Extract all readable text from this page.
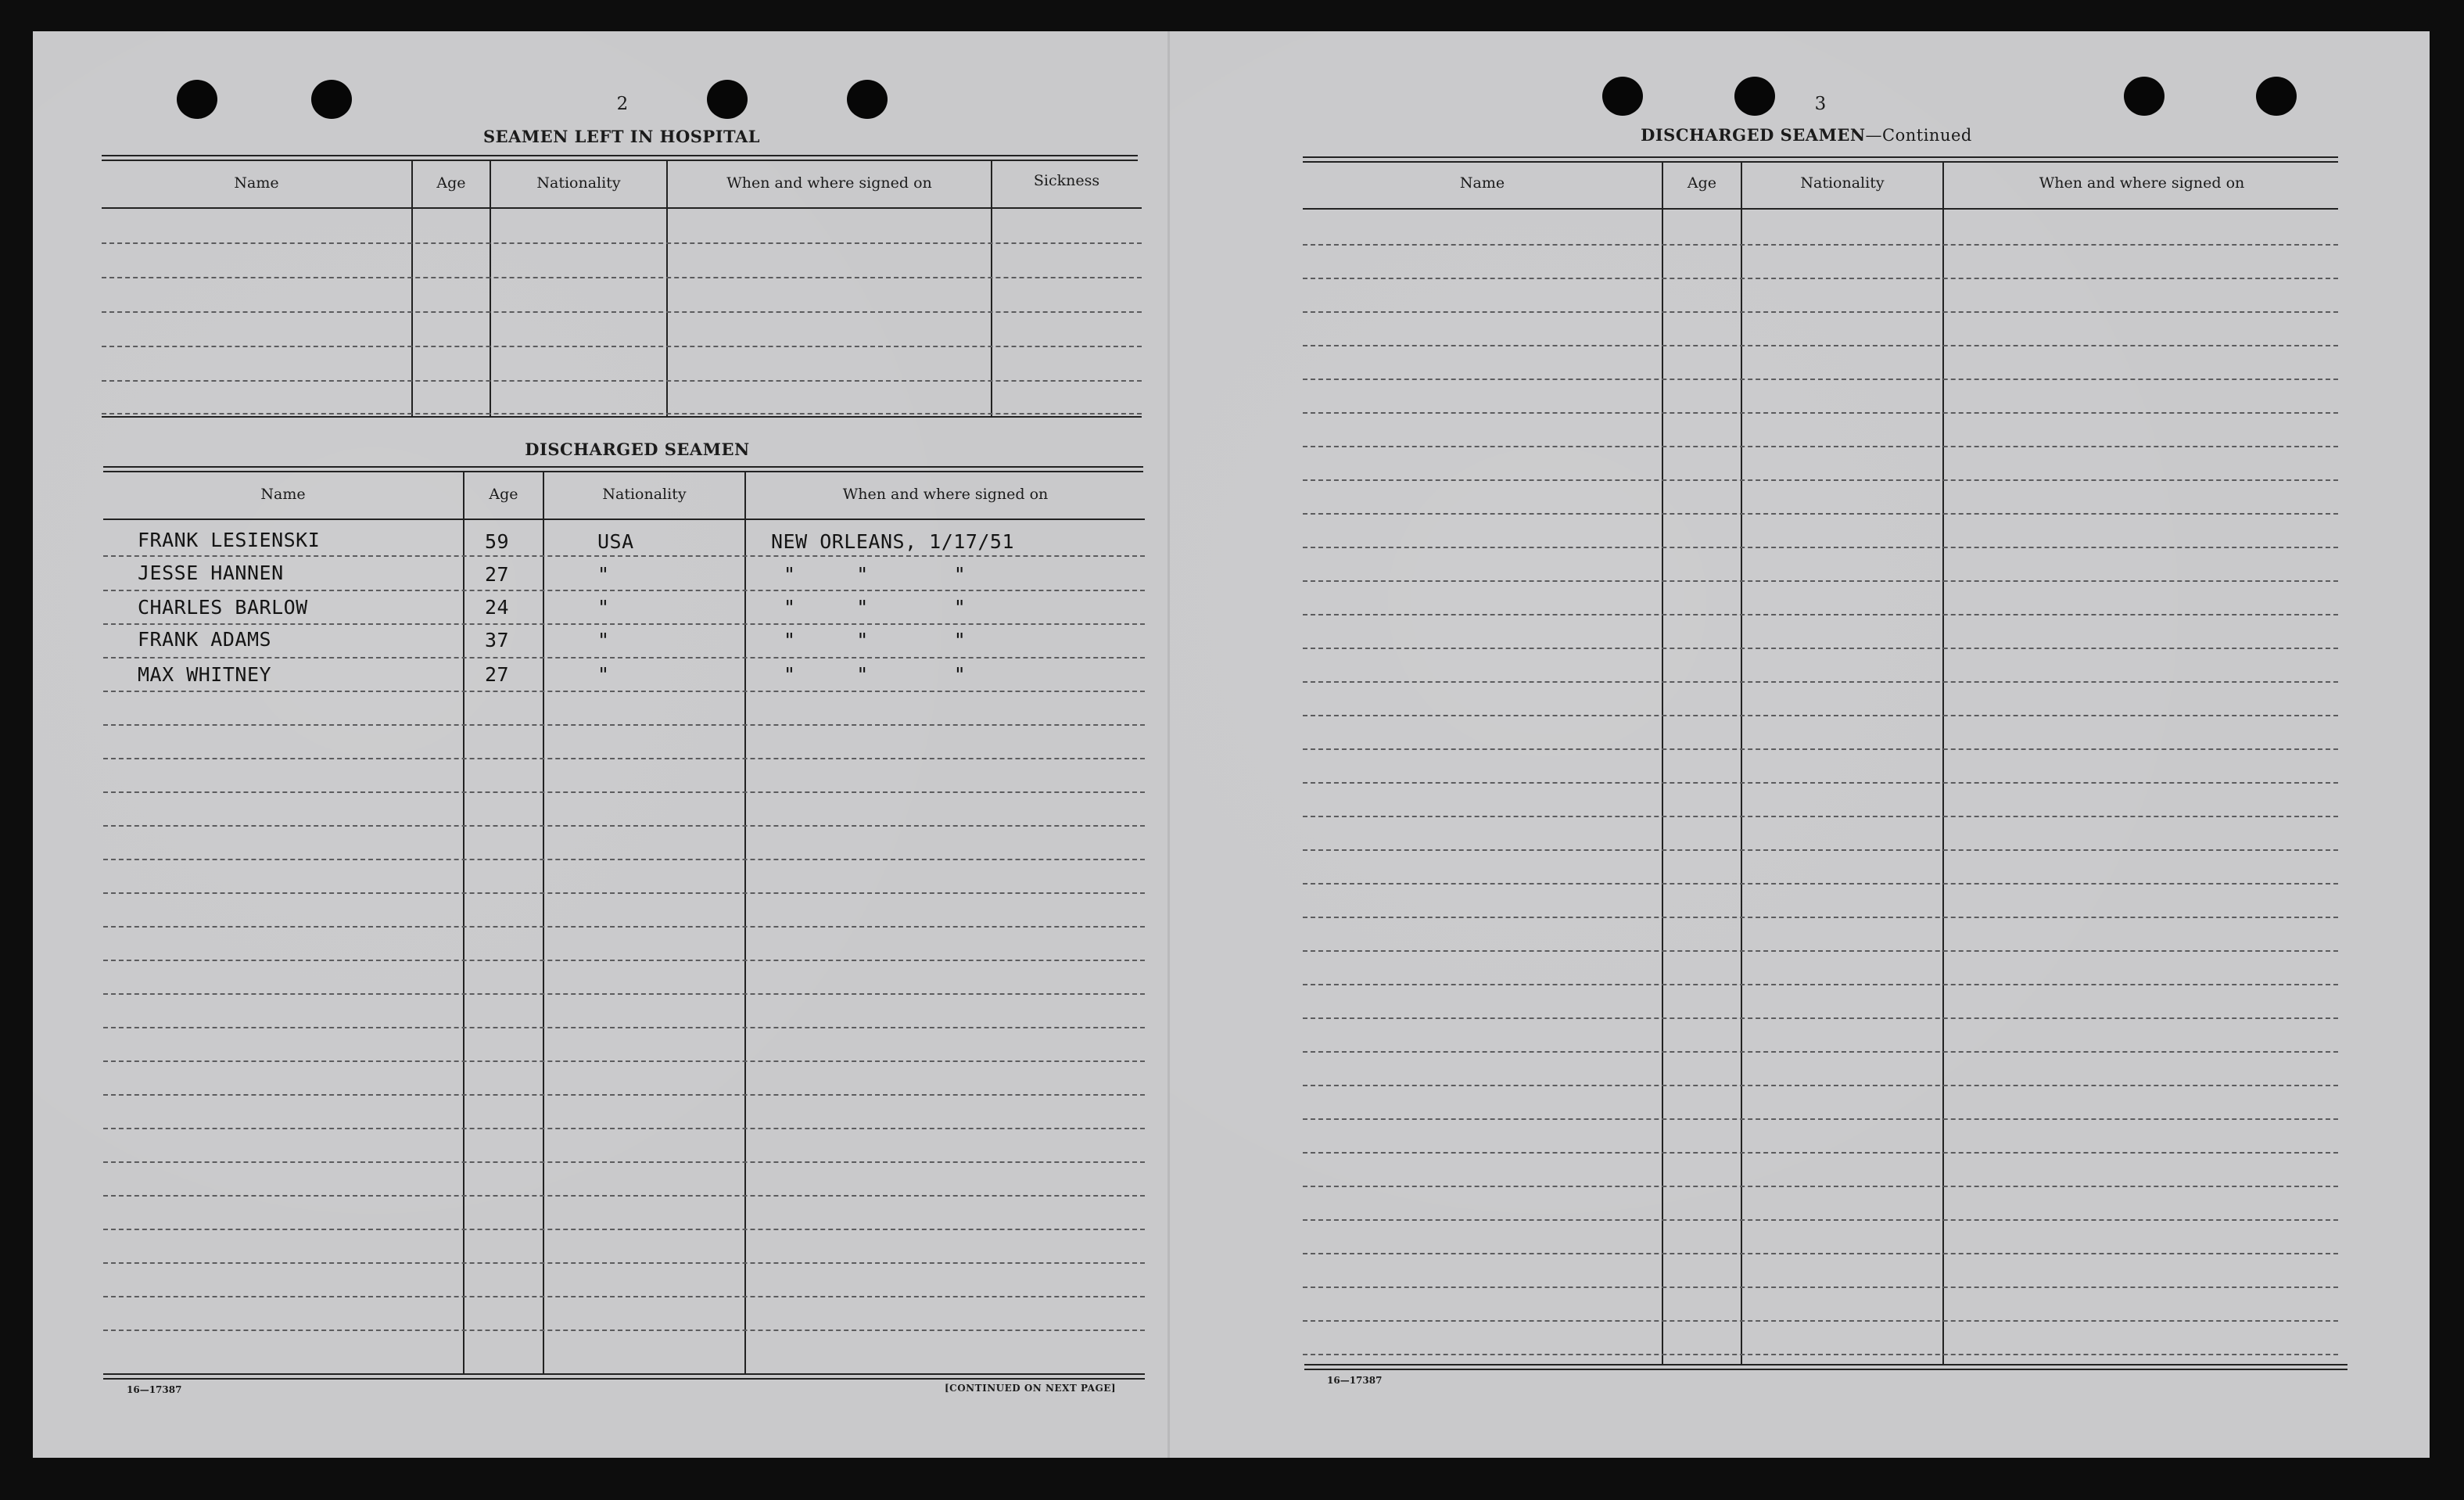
2
SEAMEN LEFT IN HOSPITAL
Name	Age	Nationality	When and where signed on	Sickness
DISCHARGED SEAMEN
Name	Age	Nationality	When and where signed on
FRANK LESIENSKI	59	USA	NEW ORLEANS, 1/17/51
JESSE HANNEN	27	"	"     "       "
CHARLES BARLOW	24	"	"     "       "
FRANK ADAMS	37	"	"     "       "
MAX WHITNEY	27	"	"     "       "
16—17387	[CONTINUED ON NEXT PAGE]
3
DISCHARGED SEAMEN—Continued
Name	Age	Nationality	When and where signed on
16—17387
